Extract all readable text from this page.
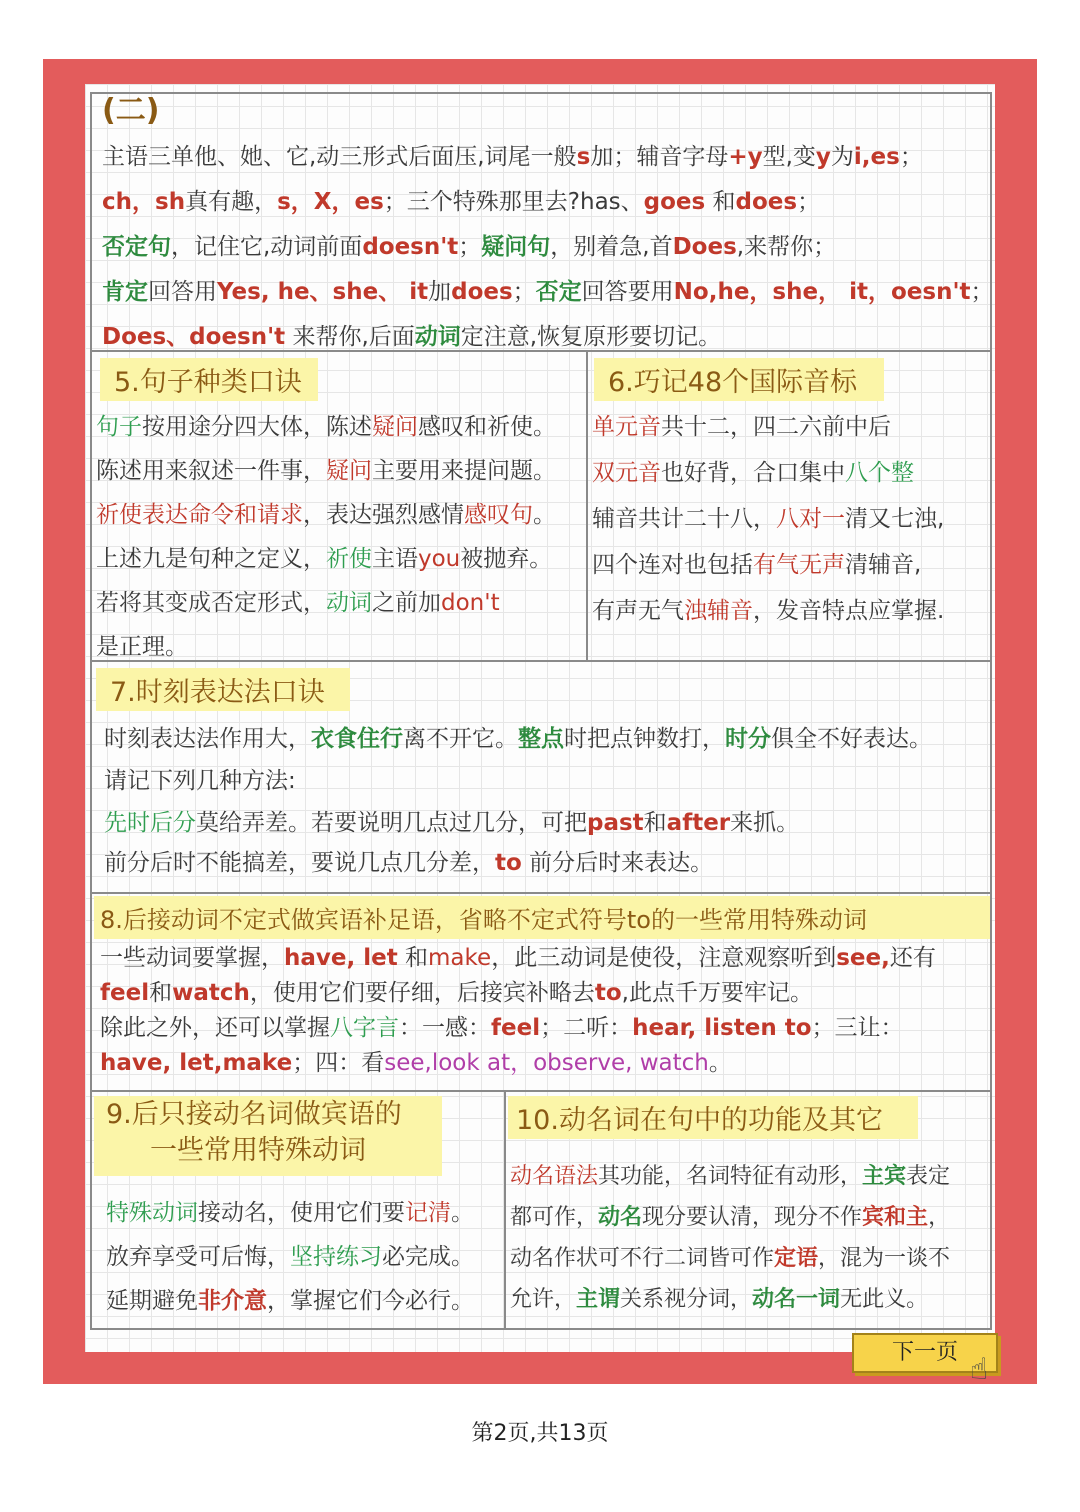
(二)
主语三单他、她、它,动三形式后面压,词尾一般s加；辅音字母+y型,变y为i,es；
ch，sh真有趣，s，X，es；三个特殊那里去?has、goes 和does；
否定句，记住它,动词前面doesn't；疑问句，别着急,首Does,来帮你；
肯定回答用Yes, he、she、 it加does；否定回答要用No,he，she， it，oesn't；
Does、doesn't 来帮你,后面动词定注意,恢复原形要切记。
5.句子种类口诀
句子按用途分四大体，陈述疑问感叹和祈使。
陈述用来叙述一件事，疑问主要用来提问题。
祈使表达命令和请求，表达强烈感情感叹句。
上述九是句种之定义，祈使主语you被抛弃。
若将其变成否定形式，动词之前加don't
是正理。
6.巧记48个国际音标
单元音共十二，四二六前中后
双元音也好背，合口集中八个整
辅音共计二十八，八对一清又七浊,
四个连对也包括有气无声清辅音,
有声无气浊辅音，发音特点应掌握.
7.时刻表达法口诀
时刻表达法作用大，衣食住行离不开它。整点时把点钟数打，时分俱全不好表达。
请记下列几种方法:
先时后分莫给弄差。若要说明几点过几分，可把past和after来抓。
前分后时不能搞差，要说几点几分差，to 前分后时来表达。
8.后接动词不定式做宾语补足语，省略不定式符号to的一些常用特殊动词
一些动词要掌握，have, let 和make，此三动词是使役，注意观察听到see,还有
feel和watch，使用它们要仔细，后接宾补略去to,此点千万要牢记。
除此之外，还可以掌握八字言：一感：feel；二听：hear, listen to；三让：
have, let,make；四：看see,look at，observe, watch。
9.后只接动名词做宾语的
一些常用特殊动词
特殊动词接动名，使用它们要记清。
放弃享受可后悔，坚持练习必完成。
延期避免非介意，掌握它们今必行。
10.动名词在句中的功能及其它
动名语法其功能，名词特征有动形，主宾表定
都可作，动名现分要认清，现分不作宾和主，
动名作状可不行二词皆可作定语，混为一谈不
允许，主谓关系视分词，动名一词无此义。
下一页 ☝
第2页,共13页
